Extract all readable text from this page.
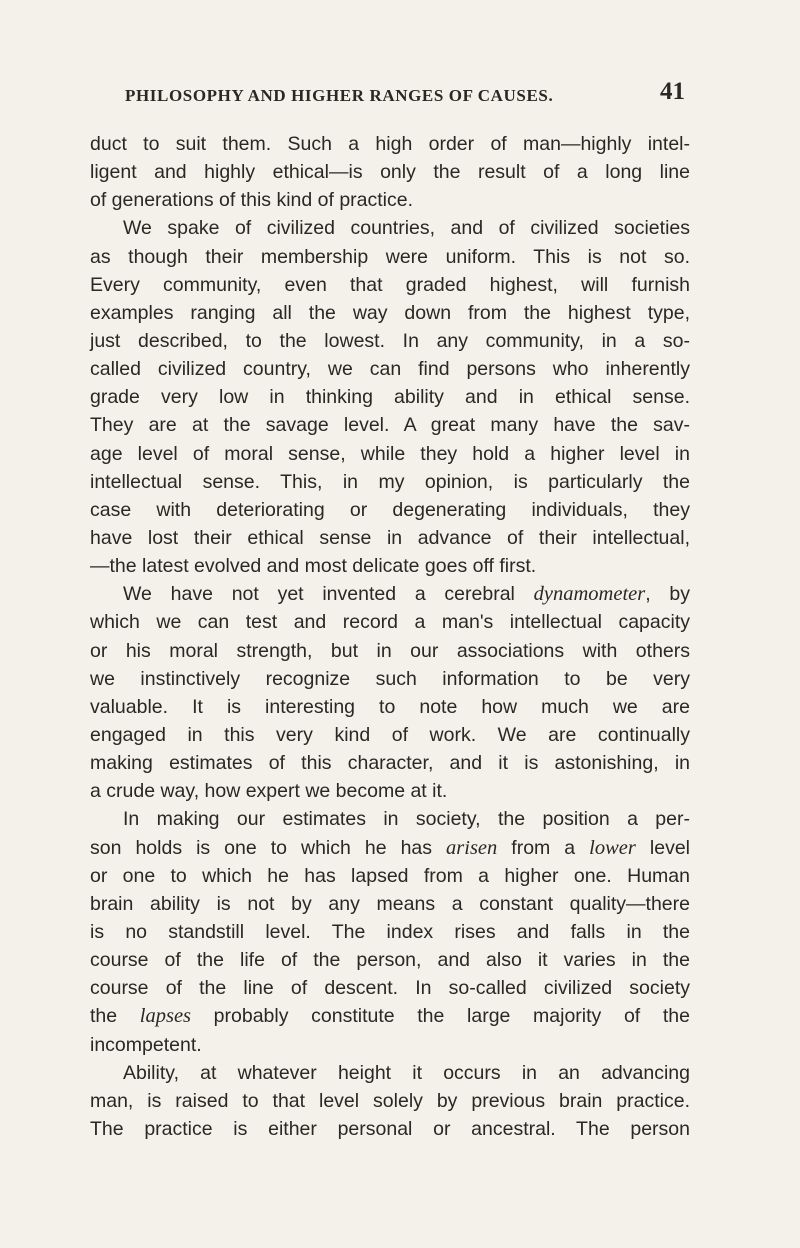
PHILOSOPHY AND HIGHER RANGES OF CAUSES.	41
duct to suit them. Such a high order of man—highly intel-
ligent and highly ethical—is only the result of a long line
of generations of this kind of practice.
We spake of civilized countries, and of civilized societies
as though their membership were uniform. This is not so.
Every community, even that graded highest, will furnish
examples ranging all the way down from the highest type,
just described, to the lowest. In any community, in a so-
called civilized country, we can find persons who inherently
grade very low in thinking ability and in ethical sense.
They are at the savage level. A great many have the sav-
age level of moral sense, while they hold a higher level in
intellectual sense. This, in my opinion, is particularly the
case with deteriorating or degenerating individuals, they
have lost their ethical sense in advance of their intellectual,
—the latest evolved and most delicate goes off first.
We have not yet invented a cerebral dynamometer, by
which we can test and record a man's intellectual capacity
or his moral strength, but in our associations with others
we instinctively recognize such information to be very
valuable. It is interesting to note how much we are
engaged in this very kind of work. We are continually
making estimates of this character, and it is astonishing, in
a crude way, how expert we become at it.
In making our estimates in society, the position a per-
son holds is one to which he has arisen from a lower level
or one to which he has lapsed from a higher one. Human
brain ability is not by any means a constant quality—there
is no standstill level. The index rises and falls in the
course of the life of the person, and also it varies in the
course of the line of descent. In so-called civilized society
the lapses probably constitute the large majority of the
incompetent.
Ability, at whatever height it occurs in an advancing
man, is raised to that level solely by previous brain practice.
The practice is either personal or ancestral. The person
